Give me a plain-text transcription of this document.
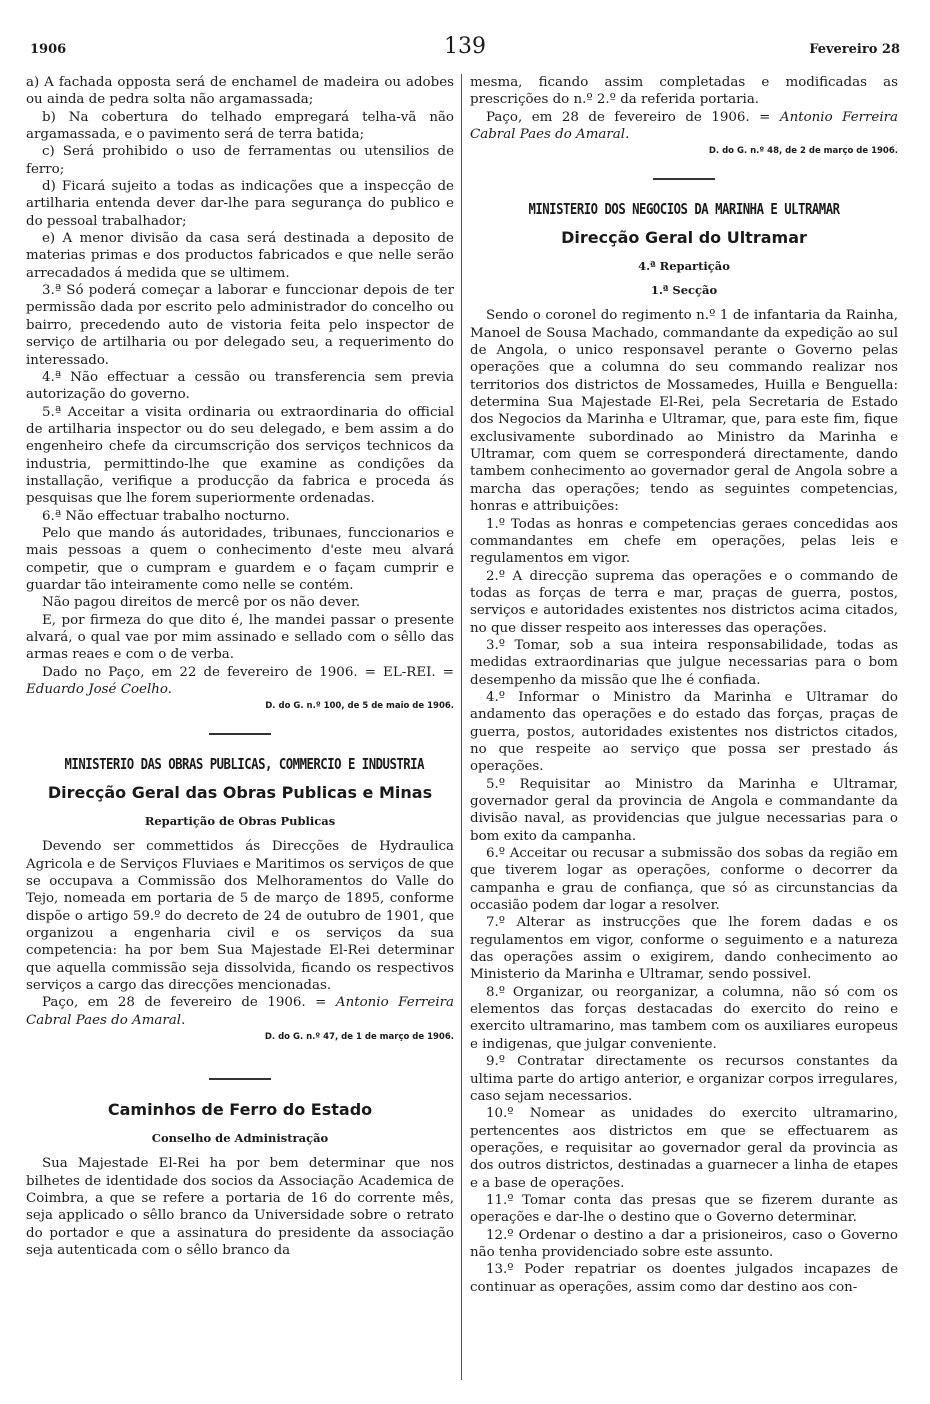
1906	139	Fevereiro 28

a) A fachada opposta será de enchamel de madeira ou adobes ou ainda de pedra solta não argamassada;

b) Na cobertura do telhado empregará telha-vã não argamassada, e o pavimento será de terra batida;

c) Será prohibido o uso de ferramentas ou utensilios de ferro;

d) Ficará sujeito a todas as indicações que a inspecção de artilharia entenda dever dar-lhe para segurança do publico e do pessoal trabalhador;

e) A menor divisão da casa será destinada a deposito de materias primas e dos productos fabricados e que nelle serão arrecadados á medida que se ultimem.

3.ª Só poderá começar a laborar e funccionar depois de ter permissão dada por escrito pelo administrador do concelho ou bairro, precedendo auto de vistoria feita pelo inspector de serviço de artilharia ou por delegado seu, a requerimento do interessado.

4.ª Não effectuar a cessão ou transferencia sem previa autorização do governo.

5.ª Acceitar a visita ordinaria ou extraordinaria do official de artilharia inspector ou do seu delegado, e bem assim a do engenheiro chefe da circumscrição dos serviços technicos da industria, permittindo-lhe que examine as condições da installação, verifique a producção da fabrica e proceda ás pesquisas que lhe forem superiormente ordenadas.

6.ª Não effectuar trabalho nocturno.

Pelo que mando ás autoridades, tribunaes, funccionarios e mais pessoas a quem o conhecimento d'este meu alvará competir, que o cumpram e guardem e o façam cumprir e guardar tão inteiramente como nelle se contém.

Não pagou direitos de mercê por os não dever.

E, por firmeza do que dito é, lhe mandei passar o presente alvará, o qual vae por mim assinado e sellado com o sêllo das armas reaes e com o de verba.

Dado no Paço, em 22 de fevereiro de 1906. = EL-REI. = Eduardo José Coelho.

D. do G. n.º 100, de 5 de maio de 1906.
MINISTERIO DAS OBRAS PUBLICAS, COMMERCIO E INDUSTRIA
Direcção Geral das Obras Publicas e Minas
Repartição de Obras Publicas

Devendo ser commettidos ás Direcções de Hydraulica Agricola e de Serviços Fluviaes e Maritimos os serviços de que se occupava a Commissão dos Melhoramentos do Valle do Tejo, nomeada em portaria de 5 de março de 1895, conforme dispõe o artigo 59.º do decreto de 24 de outubro de 1901, que organizou a engenharia civil e os serviços da sua competencia: ha por bem Sua Majestade El-Rei determinar que aquella commissão seja dissolvida, ficando os respectivos serviços a cargo das direcções mencionadas.

Paço, em 28 de fevereiro de 1906. = Antonio Ferreira Cabral Paes do Amaral.

D. do G. n.º 47, de 1 de março de 1906.
Caminhos de Ferro do Estado
Conselho de Administração

Sua Majestade El-Rei ha por bem determinar que nos bilhetes de identidade dos socios da Associação Academica de Coimbra, a que se refere a portaria de 16 do corrente mês, seja applicado o sêllo branco da Universidade sobre o retrato do portador e que a assinatura do presidente da associação seja autenticada com o sêllo branco da

mesma, ficando assim completadas e modificadas as prescrições do n.º 2.º da referida portaria.

Paço, em 28 de fevereiro de 1906. = Antonio Ferreira Cabral Paes do Amaral.

D. do G. n.º 48, de 2 de março de 1906.
MINISTERIO DOS NEGOCIOS DA MARINHA E ULTRAMAR
Direcção Geral do Ultramar
4.ª Repartição
1.ª Secção

Sendo o coronel do regimento n.º 1 de infantaria da Rainha, Manoel de Sousa Machado, commandante da expedição ao sul de Angola, o unico responsavel perante o Governo pelas operações que a columna do seu commando realizar nos territorios dos districtos de Mossamedes, Huilla e Benguella: determina Sua Majestade El-Rei, pela Secretaria de Estado dos Negocios da Marinha e Ultramar, que, para este fim, fique exclusivamente subordinado ao Ministro da Marinha e Ultramar, com quem se corresponderá directamente, dando tambem conhecimento ao governador geral de Angola sobre a marcha das operações; tendo as seguintes competencias, honras e attribuições:

1.º Todas as honras e competencias geraes concedidas aos commandantes em chefe em operações, pelas leis e regulamentos em vigor.

2.º A direcção suprema das operações e o commando de todas as forças de terra e mar, praças de guerra, postos, serviços e autoridades existentes nos districtos acima citados, no que disser respeito aos interesses das operações.

3.º Tomar, sob a sua inteira responsabilidade, todas as medidas extraordinarias que julgue necessarias para o bom desempenho da missão que lhe é confiada.

4.º Informar o Ministro da Marinha e Ultramar do andamento das operações e do estado das forças, praças de guerra, postos, autoridades existentes nos districtos citados, no que respeite ao serviço que possa ser prestado ás operações.

5.º Requisitar ao Ministro da Marinha e Ultramar, governador geral da provincia de Angola e commandante da divisão naval, as providencias que julgue necessarias para o bom exito da campanha.

6.º Acceitar ou recusar a submissão dos sobas da região em que tiverem logar as operações, conforme o decorrer da campanha e grau de confiança, que só as circunstancias da occasião podem dar logar a resolver.

7.º Alterar as instrucções que lhe forem dadas e os regulamentos em vigor, conforme o seguimento e a natureza das operações assim o exigirem, dando conhecimento ao Ministerio da Marinha e Ultramar, sendo possivel.

8.º Organizar, ou reorganizar, a columna, não só com os elementos das forças destacadas do exercito do reino e exercito ultramarino, mas tambem com os auxiliares europeus e indigenas, que julgar conveniente.

9.º Contratar directamente os recursos constantes da ultima parte do artigo anterior, e organizar corpos irregulares, caso sejam necessarios.

10.º Nomear as unidades do exercito ultramarino, pertencentes aos districtos em que se effectuarem as operações, e requisitar ao governador geral da provincia as dos outros districtos, destinadas a guarnecer a linha de etapes e a base de operações.

11.º Tomar conta das presas que se fizerem durante as operações e dar-lhe o destino que o Governo determinar.

12.º Ordenar o destino a dar a prisioneiros, caso o Governo não tenha providenciado sobre este assunto.

13.º Poder repatriar os doentes julgados incapazes de continuar as operações, assim como dar destino aos con-
